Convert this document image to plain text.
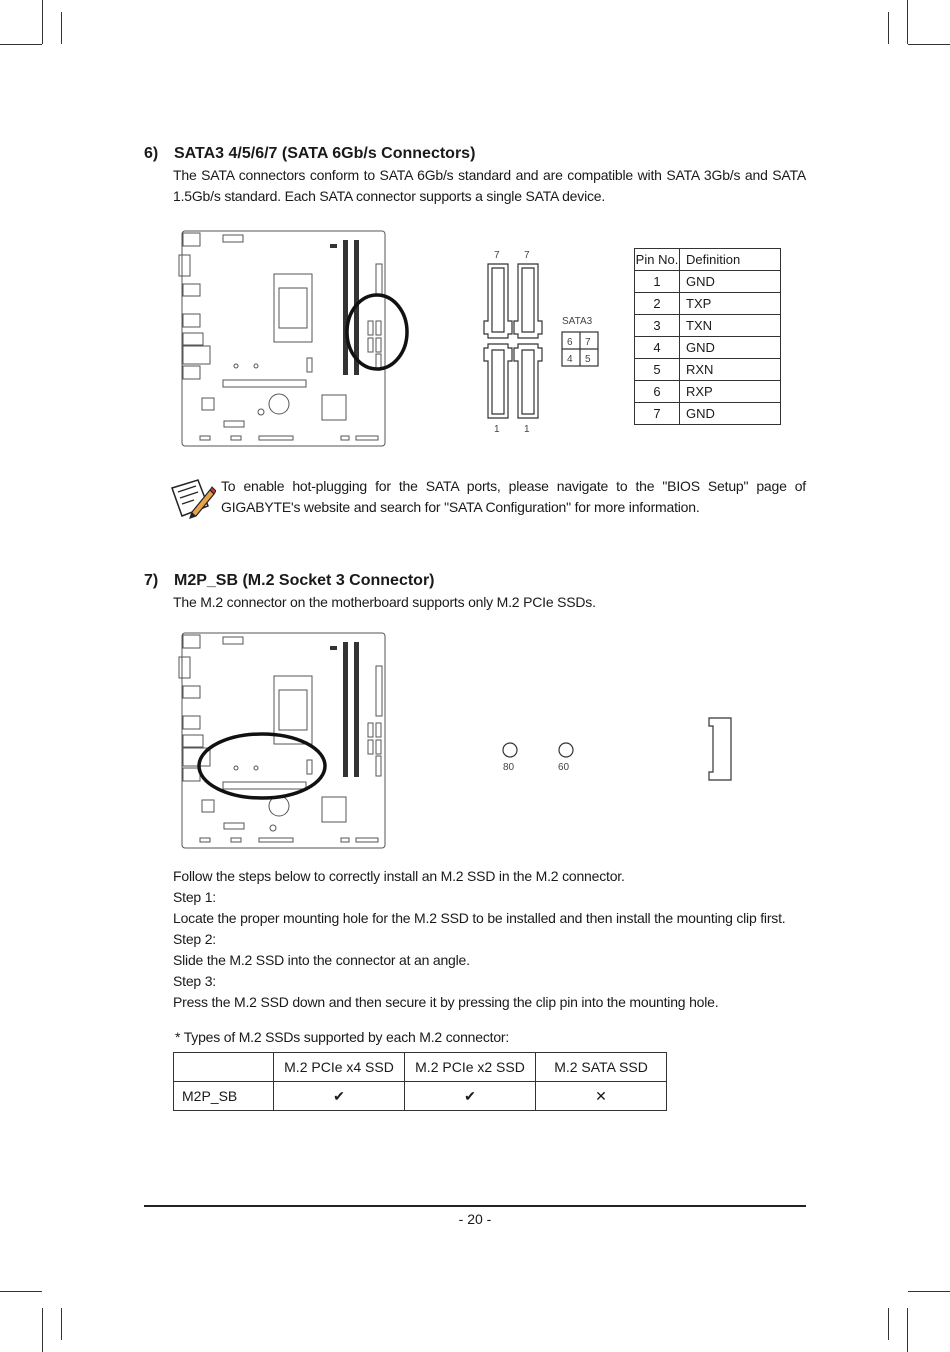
6) SATA3 4/5/6/7 (SATA 6Gb/s Connectors)
The SATA connectors conform to SATA 6Gb/s standard and are compatible with SATA 3Gb/s and SATA 1.5Gb/s standard. Each SATA connector supports a single SATA device.
7 7
1 1
SATA3
6 7
4 5
Pin No.	Definition
1	GND
2	TXP
3	TXN
4	GND
5	RXN
6	RXP
7	GND
To enable hot-plugging for the SATA ports, please navigate to the "BIOS Setup" page of GIGABYTE's website and search for "SATA Configuration" for more information.
7) M2P_SB (M.2 Socket 3 Connector)
The M.2 connector on the motherboard supports only M.2 PCIe SSDs.
80	60
Follow the steps below to correctly install an M.2 SSD in the M.2 connector.
Step 1:
Locate the proper mounting hole for the M.2 SSD to be installed and then install the mounting clip first.
Step 2:
Slide the M.2 SSD into the connector at an angle.
Step 3:
Press the M.2 SSD down and then secure it by pressing the clip pin into the mounting hole.
* Types of M.2 SSDs supported by each M.2 connector:
	M.2 PCIe x4 SSD	M.2 PCIe x2 SSD	M.2 SATA SSD
M2P_SB	✔	✔	✕
- 20 -
